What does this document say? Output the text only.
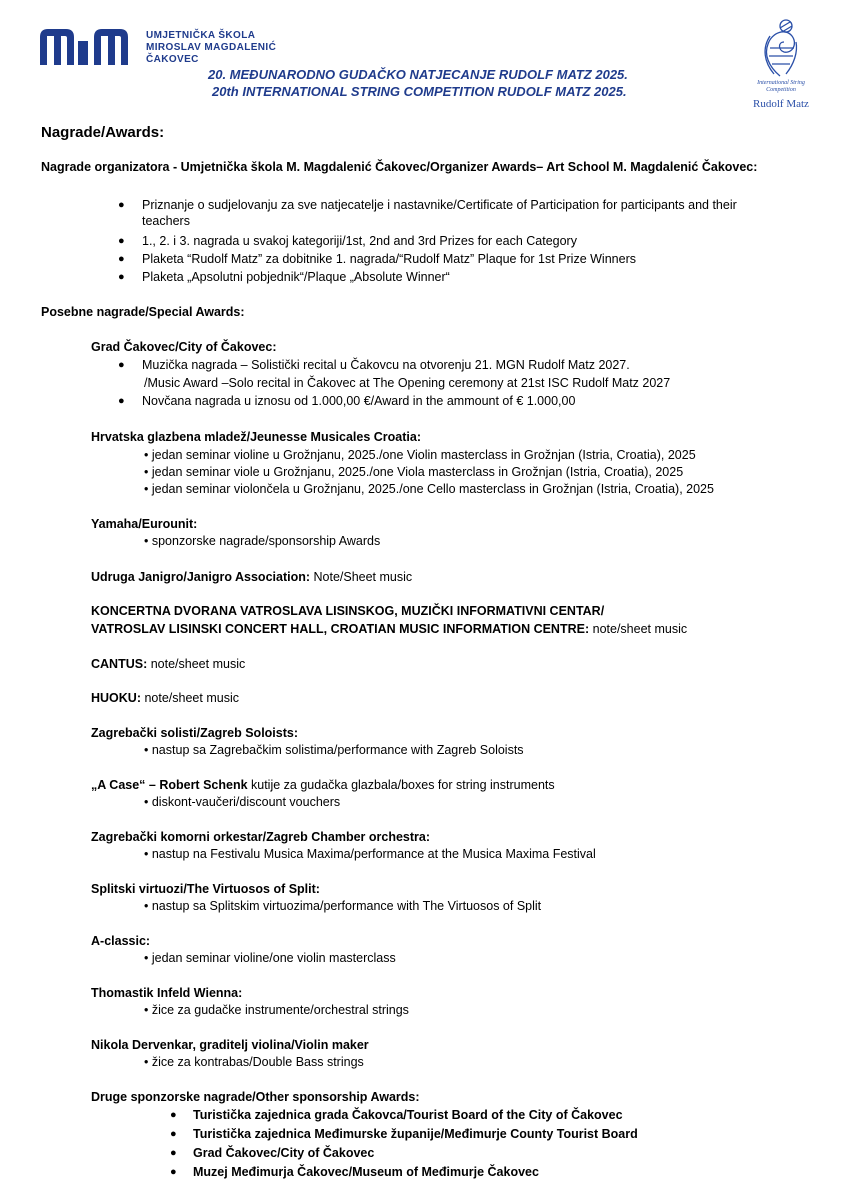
UMJETNIČKA ŠKOLA
MIROSLAV MAGDALENIĆ
ČAKOVEC
20. MEĐUNARODNO GUDAČKO NATJECANJE RUDOLF MATZ 2025.
20th INTERNATIONAL STRING COMPETITION RUDOLF MATZ 2025.
International String
Competition
Rudolf Matz
Nagrade/Awards:
Nagrade organizatora - Umjetnička škola M. Magdalenić Čakovec/Organizer Awards– Art School M. Magdalenić Čakovec:
● Priznanje o sudjelovanju za sve natjecatelje i nastavnike/Certificate of Participation for participants and their teachers
● 1., 2. i 3. nagrada u svakoj kategoriji/1st, 2nd and 3rd Prizes for each Category
● Plaketa “Rudolf Matz” za dobitnike 1. nagrada/“Rudolf Matz” Plaque for 1st Prize Winners
● Plaketa „Apsolutni pobjednik“/Plaque „Absolute Winner“
Posebne nagrade/Special Awards:
Grad Čakovec/City of Čakovec:
● Muzička nagrada – Solistički recital u Čakovcu na otvorenju 21. MGN Rudolf Matz 2027.
/Music Award –Solo recital in Čakovec at The Opening ceremony at 21st ISC Rudolf Matz 2027
● Novčana nagrada u iznosu od 1.000,00 €/Award in the ammount of € 1.000,00
Hrvatska glazbena mladež/Jeunesse Musicales Croatia:
• jedan seminar violine u Grožnjanu, 2025./one Violin masterclass in Grožnjan (Istria, Croatia), 2025
• jedan seminar viole u Grožnjanu, 2025./one Viola masterclass in Grožnjan (Istria, Croatia), 2025
• jedan seminar violončela u Grožnjanu, 2025./one Cello masterclass in Grožnjan (Istria, Croatia), 2025
Yamaha/Eurounit:
• sponzorske nagrade/sponsorship Awards
Udruga Janigro/Janigro Association: Note/Sheet music
KONCERTNA DVORANA VATROSLAVA LISINSKOG, MUZIČKI INFORMATIVNI CENTAR/
VATROSLAV LISINSKI CONCERT HALL, CROATIAN MUSIC INFORMATION CENTRE: note/sheet music
CANTUS: note/sheet music
HUOKU: note/sheet music
Zagrebački solisti/Zagreb Soloists:
• nastup sa Zagrebačkim solistima/performance with Zagreb Soloists
„A Case“ – Robert Schenk kutije za gudačka glazbala/boxes for string instruments
• diskont-vaučeri/discount vouchers
Zagrebački komorni orkestar/Zagreb Chamber orchestra:
• nastup na Festivalu Musica Maxima/performance at the Musica Maxima Festival
Splitski virtuozi/The Virtuosos of Split:
• nastup sa Splitskim virtuozima/performance with The Virtuosos of Split
A-classic:
• jedan seminar violine/one violin masterclass
Thomastik Infeld Wienna:
• žice za gudačke instrumente/orchestral strings
Nikola Dervenkar, graditelj violina/Violin maker
• žice za kontrabas/Double Bass strings
Druge sponzorske nagrade/Other sponsorship Awards:
● Turistička zajednica grada Čakovca/Tourist Board of the City of Čakovec
● Turistička zajednica Međimurske županije/Međimurje County Tourist Board
● Grad Čakovec/City of Čakovec
● Muzej Međimurja Čakovec/Museum of Međimurje Čakovec
